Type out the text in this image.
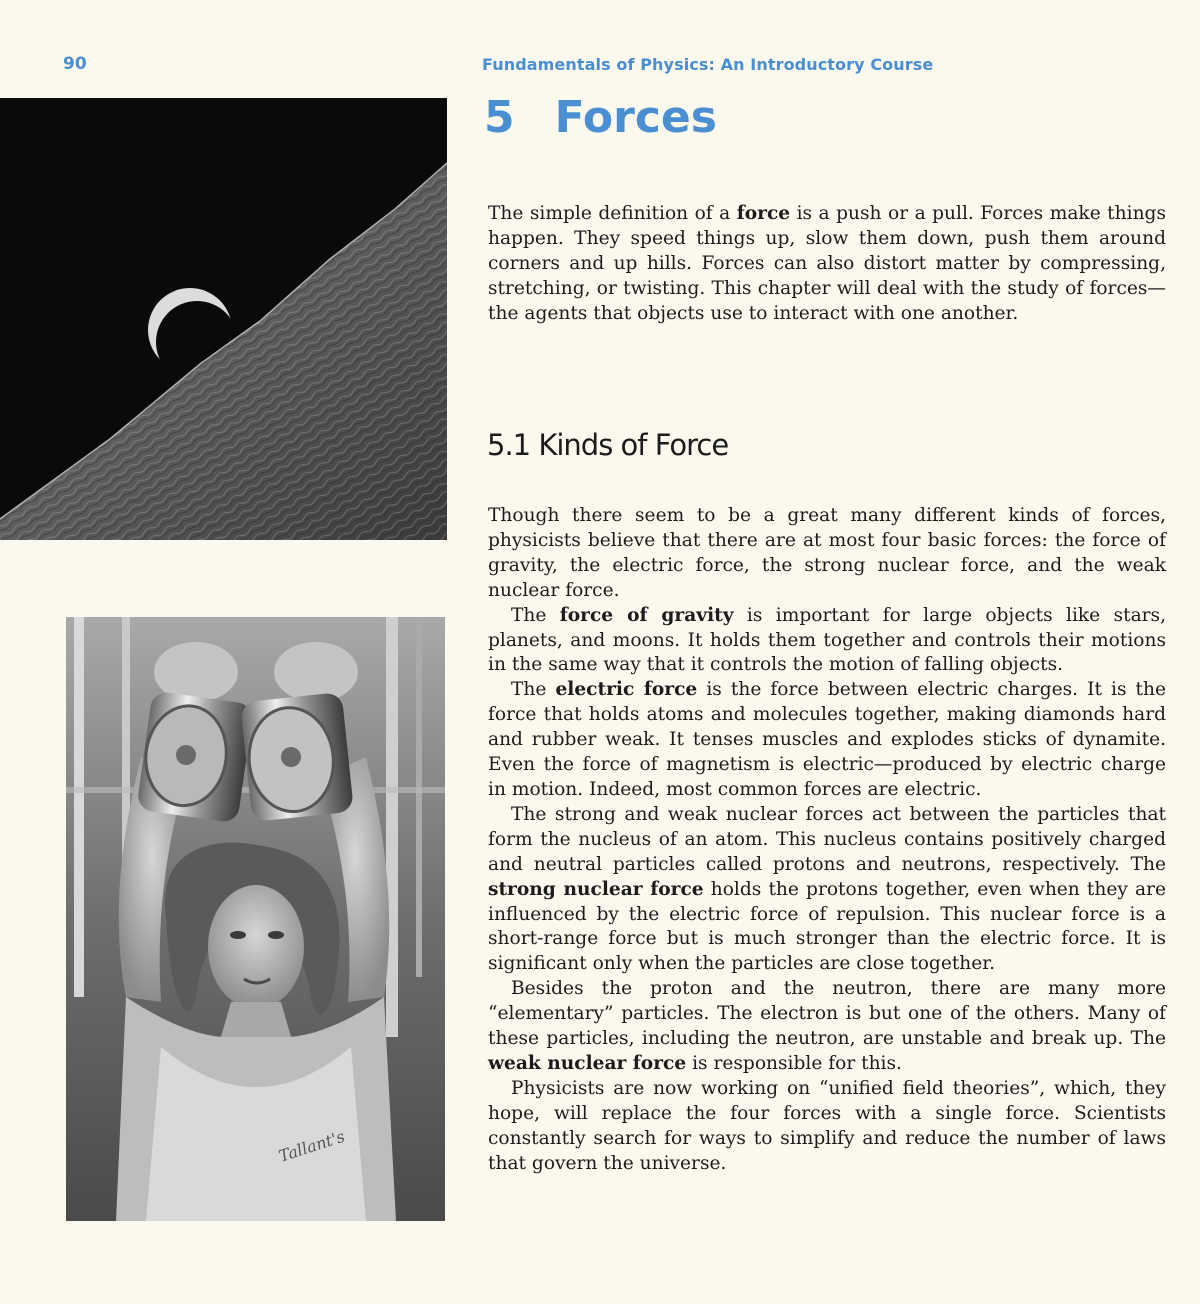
90	Fundamentals of Physics: An Introductory Course
5 Forces
Tallant's

The simple definition of a force is a push or a pull. Forces make things happen. They speed things up, slow them down, push them around corners and up hills. Forces can also distort matter by compressing, stretching, or twisting. This chapter will deal with the study of forces—the agents that objects use to interact with one another.

5.1 Kinds of Force

Though there seem to be a great many different kinds of forces, physicists believe that there are at most four basic forces: the force of gravity, the electric force, the strong nuclear force, and the weak nuclear force.

The force of gravity is important for large objects like stars, planets, and moons. It holds them together and controls their motions in the same way that it controls the motion of falling objects.

The electric force is the force between electric charges. It is the force that holds atoms and molecules together, making diamonds hard and rubber weak. It tenses muscles and explodes sticks of dynamite. Even the force of magnetism is electric—produced by electric charge in motion. Indeed, most common forces are electric.

The strong and weak nuclear forces act between the particles that form the nucleus of an atom. This nucleus contains positively charged and neutral particles called protons and neutrons, respectively. The strong nuclear force holds the protons together, even when they are influenced by the electric force of repulsion. This nuclear force is a short-range force but is much stronger than the electric force. It is significant only when the particles are close together.

Besides the proton and the neutron, there are many more “elementary” particles. The electron is but one of the others. Many of these particles, including the neutron, are unstable and break up. The weak nuclear force is responsible for this.

Physicists are now working on “unified field theories”, which, they hope, will replace the four forces with a single force. Scientists constantly search for ways to simplify and reduce the number of laws that govern the universe.
